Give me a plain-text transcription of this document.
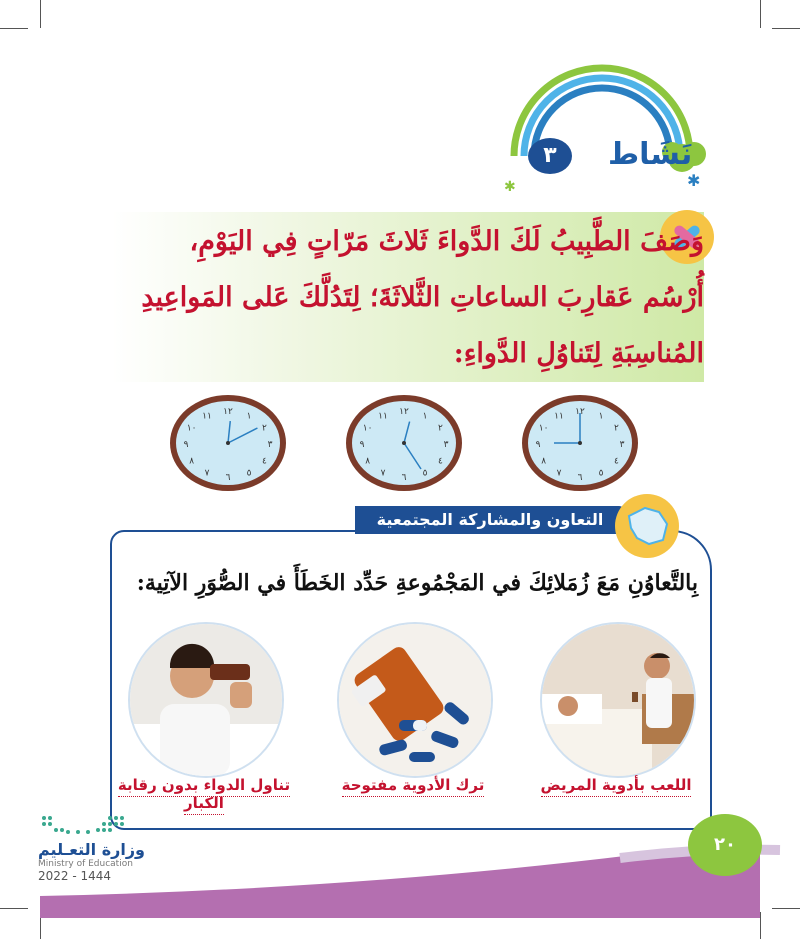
✱
✱
٣	نَشَاط
وَصَفَ الطَّبِيبُ لَكَ الدَّواءَ ثَلاثَ مَرّاتٍ فِي اليَوْمِ،
أُرْسُم عَقارِبَ الساعاتِ الثَّلاثَةَ؛ لِتَدُلَّكَ عَلى المَواعِيدِ
المُناسِبَةِ لِتَناوُلِ الدَّواءِ:
١٢ ١
٢
٣
٤
٥
٦
٧
٨
٩
١٠
١١	١٢ ١
٢
٣
٤
٥
٦
٧
٨
٩
١٠
١١	١٢ ١
٢
٣
٤
٥
٦
٧
٨
٩
١٠
١١
التعاون والمشاركة المجتمعية
بِالتَّعاوُنِ مَعَ زُمَلائِكَ في المَجْمُوعةِ حَدِّد الخَطَأَ في الصُّوَرِ الآتِية:
اللعب بأدوية المريض
ترك الأدوية مفتوحة
تناول الدواء بدون رقابة الكبار
٢٠
وزارة التعـليم
Ministry of Education
2022 - 1444
